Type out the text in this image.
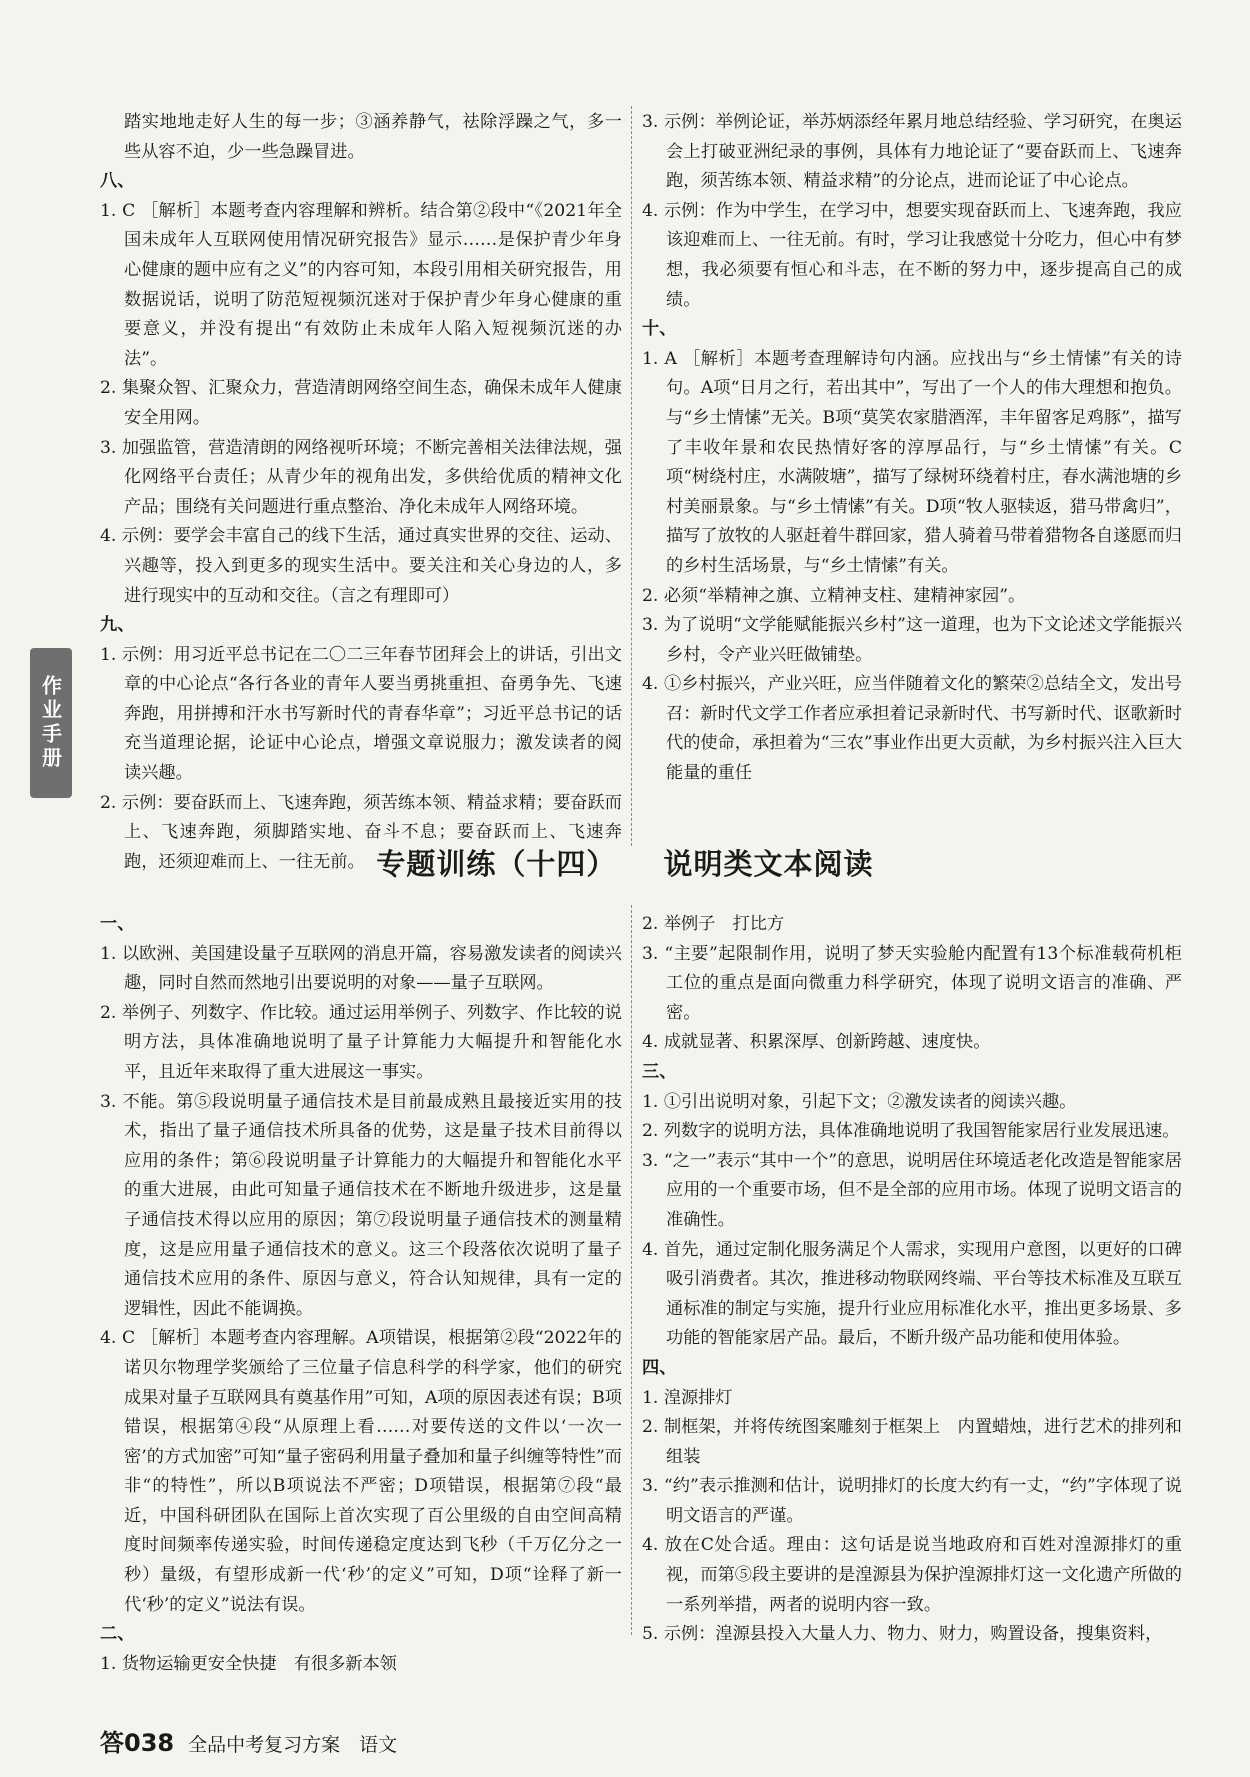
踏实地地走好人生的每一步；③涵养静气，祛除浮躁之气，多一些从容不迫，少一些急躁冒进。

八、

1. C ［解析］本题考查内容理解和辨析。结合第②段中“《2021年全国未成年人互联网使用情况研究报告》显示……是保护青少年身心健康的题中应有之义”的内容可知，本段引用相关研究报告，用数据说话，说明了防范短视频沉迷对于保护青少年身心健康的重要意义，并没有提出“有效防止未成年人陷入短视频沉迷的办法”。

2. 集聚众智、汇聚众力，营造清朗网络空间生态，确保未成年人健康安全用网。

3. 加强监管，营造清朗的网络视听环境；不断完善相关法律法规，强化网络平台责任；从青少年的视角出发，多供给优质的精神文化产品；围绕有关问题进行重点整治、净化未成年人网络环境。

4. 示例：要学会丰富自己的线下生活，通过真实世界的交往、运动、兴趣等，投入到更多的现实生活中。要关注和关心身边的人，多进行现实中的互动和交往。（言之有理即可）

九、

1. 示例：用习近平总书记在二〇二三年春节团拜会上的讲话，引出文章的中心论点“各行各业的青年人要当勇挑重担、奋勇争先、飞速奔跑，用拼搏和汗水书写新时代的青春华章”；习近平总书记的话充当道理论据，论证中心论点，增强文章说服力；激发读者的阅读兴趣。

2. 示例：要奋跃而上、飞速奔跑，须苦练本领、精益求精；要奋跃而上、飞速奔跑，须脚踏实地、奋斗不息；要奋跃而上、飞速奔跑，还须迎难而上、一往无前。

3. 示例：举例论证，举苏炳添经年累月地总结经验、学习研究，在奥运会上打破亚洲纪录的事例，具体有力地论证了“要奋跃而上、飞速奔跑，须苦练本领、精益求精”的分论点，进而论证了中心论点。

4. 示例：作为中学生，在学习中，想要实现奋跃而上、飞速奔跑，我应该迎难而上、一往无前。有时，学习让我感觉十分吃力，但心中有梦想，我必须要有恒心和斗志，在不断的努力中，逐步提高自己的成绩。

十、

1. A ［解析］本题考查理解诗句内涵。应找出与“乡土情愫”有关的诗句。A项“日月之行，若出其中”，写出了一个人的伟大理想和抱负。与“乡土情愫”无关。B项“莫笑农家腊酒浑，丰年留客足鸡豚”，描写了丰收年景和农民热情好客的淳厚品行，与“乡土情愫”有关。C项“树绕村庄，水满陂塘”，描写了绿树环绕着村庄，春水满池塘的乡村美丽景象。与“乡土情愫”有关。D项“牧人驱犊返，猎马带禽归”，描写了放牧的人驱赶着牛群回家，猎人骑着马带着猎物各自遂愿而归的乡村生活场景，与“乡土情愫”有关。

2. 必须“举精神之旗、立精神支柱、建精神家园”。

3. 为了说明“文学能赋能振兴乡村”这一道理，也为下文论述文学能振兴乡村，令产业兴旺做铺垫。

4. ①乡村振兴，产业兴旺，应当伴随着文化的繁荣②总结全文，发出号召：新时代文学工作者应承担着记录新时代、书写新时代、讴歌新时代的使命，承担着为“三农”事业作出更大贡献，为乡村振兴注入巨大能量的重任

专题训练（十四） 说明类文本阅读

一、

1. 以欧洲、美国建设量子互联网的消息开篇，容易激发读者的阅读兴趣，同时自然而然地引出要说明的对象——量子互联网。

2. 举例子、列数字、作比较。通过运用举例子、列数字、作比较的说明方法，具体准确地说明了量子计算能力大幅提升和智能化水平，且近年来取得了重大进展这一事实。

3. 不能。第⑤段说明量子通信技术是目前最成熟且最接近实用的技术，指出了量子通信技术所具备的优势，这是量子技术目前得以应用的条件；第⑥段说明量子计算能力的大幅提升和智能化水平的重大进展，由此可知量子通信技术在不断地升级进步，这是量子通信技术得以应用的原因；第⑦段说明量子通信技术的测量精度，这是应用量子通信技术的意义。这三个段落依次说明了量子通信技术应用的条件、原因与意义，符合认知规律，具有一定的逻辑性，因此不能调换。

4. C ［解析］本题考查内容理解。A项错误，根据第②段“2022年的诺贝尔物理学奖颁给了三位量子信息科学的科学家，他们的研究成果对量子互联网具有奠基作用”可知，A项的原因表述有误；B项错误，根据第④段“从原理上看……对要传送的文件以‘一次一密’的方式加密”可知“量子密码利用量子叠加和量子纠缠等特性”而非“的特性”，所以B项说法不严密；D项错误，根据第⑦段“最近，中国科研团队在国际上首次实现了百公里级的自由空间高精度时间频率传递实验，时间传递稳定度达到飞秒（千万亿分之一秒）量级，有望形成新一代‘秒’的定义”可知，D项“诠释了新一代‘秒’的定义”说法有误。

二、

1. 货物运输更安全快捷　有很多新本领

2. 举例子　打比方

3. “主要”起限制作用，说明了梦天实验舱内配置有13个标准载荷机柜工位的重点是面向微重力科学研究，体现了说明文语言的准确、严密。

4. 成就显著、积累深厚、创新跨越、速度快。

三、

1. ①引出说明对象，引起下文；②激发读者的阅读兴趣。

2. 列数字的说明方法，具体准确地说明了我国智能家居行业发展迅速。

3. “之一”表示“其中一个”的意思，说明居住环境适老化改造是智能家居应用的一个重要市场，但不是全部的应用市场。体现了说明文语言的准确性。

4. 首先，通过定制化服务满足个人需求，实现用户意图，以更好的口碑吸引消费者。其次，推进移动物联网终端、平台等技术标准及互联互通标准的制定与实施，提升行业应用标准化水平，推出更多场景、多功能的智能家居产品。最后，不断升级产品功能和使用体验。

四、

1. 湟源排灯

2. 制框架，并将传统图案雕刻于框架上　内置蜡烛，进行艺术的排列和组装

3. “约”表示推测和估计，说明排灯的长度大约有一丈，“约”字体现了说明文语言的严谨。

4. 放在C处合适。理由：这句话是说当地政府和百姓对湟源排灯的重视，而第⑤段主要讲的是湟源县为保护湟源排灯这一文化遗产所做的一系列举措，两者的说明内容一致。

5. 示例：湟源县投入大量人力、物力、财力，购置设备，搜集资料，

作业手册
答038 全品中考复习方案　语文
